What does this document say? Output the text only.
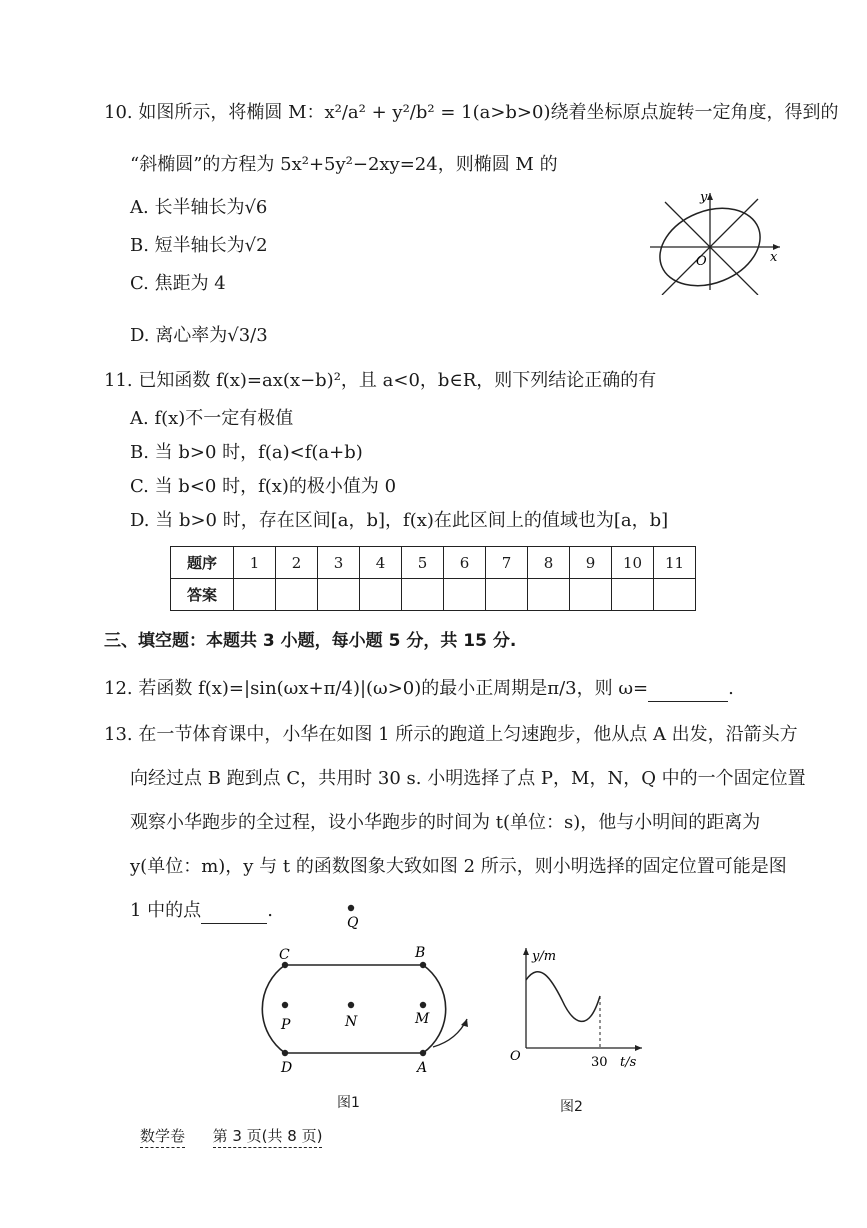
10. 如图所示，将椭圆 M：x²/a² + y²/b² = 1(a>b>0)绕着坐标原点旋转一定角度，得到的
“斜椭圆”的方程为 5x²+5y²−2xy=24，则椭圆 M 的
A. 长半轴长为√6
B. 短半轴长为√2
C. 焦距为 4
D. 离心率为√3/3
x
y
O
11. 已知函数 f(x)=ax(x−b)²，且 a<0，b∈R，则下列结论正确的有
A. f(x)不一定有极值
B. 当 b>0 时，f(a)<f(a+b)
C. 当 b<0 时，f(x)的极小值为 0
D. 当 b>0 时，存在区间[a，b]，f(x)在此区间上的值域也为[a，b]
题序	1	2	3	4	5	6	7	8	9	10	11
答案											
三、填空题：本题共 3 小题，每小题 5 分，共 15 分.
12. 若函数 f(x)=|sin(ωx+π/4)|(ω>0)的最小正周期是π/3，则 ω=	.
13. 在一节体育课中，小华在如图 1 所示的跑道上匀速跑步，他从点 A 出发，沿箭头方
向经过点 B 跑到点 C，共用时 30 s. 小明选择了点 P，M，N，Q 中的一个固定位置
观察小华跑步的全过程，设小华跑步的时间为 t(单位：s)，他与小明间的距离为
y(单位：m)，y 与 t 的函数图象大致如图 2 所示，则小明选择的固定位置可能是图
1 中的点	.
Q
C	B
P	N	M
D	A
图1
y/m
t/s
O	30
图2
数学卷 第 3 页(共 8 页)
